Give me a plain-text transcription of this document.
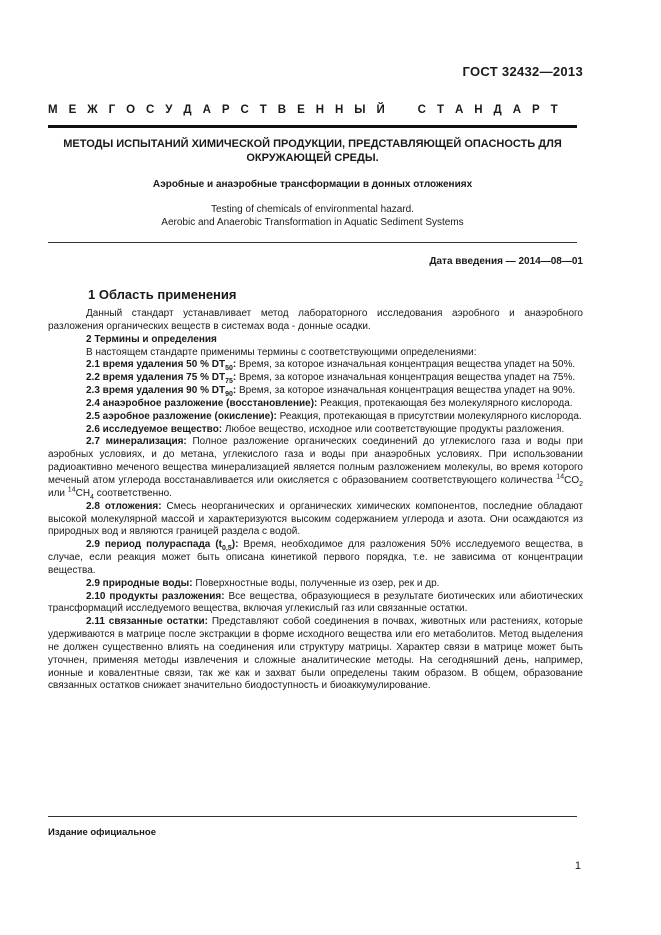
ГОСТ 32432—2013
М Е Ж Г О С У Д А Р С Т В Е Н Н Ы Й	С Т А Н Д А Р Т
МЕТОДЫ ИСПЫТАНИЙ ХИМИЧЕСКОЙ ПРОДУКЦИИ, ПРЕДСТАВЛЯЮЩЕЙ ОПАСНОСТЬ ДЛЯ
ОКРУЖАЮЩЕЙ СРЕДЫ.
Аэробные и анаэробные трансформации в донных отложениях
Testing of chemicals of environmental hazard.
Aerobic and Anaerobic Transformation in Aquatic Sediment Systems
Дата введения — 2014—08—01
1 Область применения

Данный стандарт устанавливает метод лабораторного исследования аэробного и анаэробного разложения органических веществ в системах вода - донные осадки.

2 Термины и определения

В настоящем стандарте применимы термины с соответствующими определениями:

2.1 время удаления 50 % $DT_{50}$: Время, за которое изначальная концентрация вещества упадет на 50%.

2.2 время удаления 75 % $DT_{75}$: Время, за которое изначальная концентрация вещества упадет на 75%.

2.3 время удаления 90 % $DT_{90}$: Время, за которое изначальная концентрация вещества упадет на 90%.

2.4 анаэробное разложение (восстановление): Реакция, протекающая без молекулярного кислорода.

2.5 аэробное разложение (окисление): Реакция, протекающая в присутствии молекулярного кислорода.

2.6 исследуемое вещество: Любое вещество, исходное или соответствующие продукты разложения.

2.7 минерализация: Полное разложение органических соединений до углекислого газа и воды при аэробных условиях, и до метана, углекислого газа и воды при анаэробных условиях. При использовании радиоактивно меченого вещества минерализацией является полным разложением молекулы, во время которого меченый атом углерода восстанавливается или окисляется с образованием соответствующего количества $^{14}CO_2$ или $^{14}CH_4$ соответственно.

2.8 отложения: Смесь неорганических и органических химических компонентов, последние обладают высокой молекулярной массой и характеризуются высоким содержанием углерода и азота. Они осаждаются из природных вод и являются границей раздела с водой.

2.9 период полураспада $(t_{0,5})$: Время, необходимое для разложения 50% исследуемого вещества, в случае, если реакция может быть описана кинетикой первого порядка, т.е. не зависима от концентрации вещества.

2.9 природные воды: Поверхностные воды, полученные из озер, рек и др.

2.10 продукты разложения: Все вещества, образующиеся в результате биотических или абиотических трансформаций исследуемого вещества, включая углекислый газ или связанные остатки.

2.11 связанные остатки: Представляют собой соединения в почвах, животных или растениях, которые удерживаются в матрице после экстракции в форме исходного вещества или его метаболитов. Метод выделения не должен существенно влиять на соединения или структуру матрицы. Характер связи в матрице может быть уточнен, применяя методы извлечения и сложные аналитические методы. На сегодняшний день, например, ионные и ковалентные связи, так же как и захват были определены таким образом. В общем, образование связанных остатков снижает значительно биодоступность и биоаккумулирование.

Издание официальное
1
